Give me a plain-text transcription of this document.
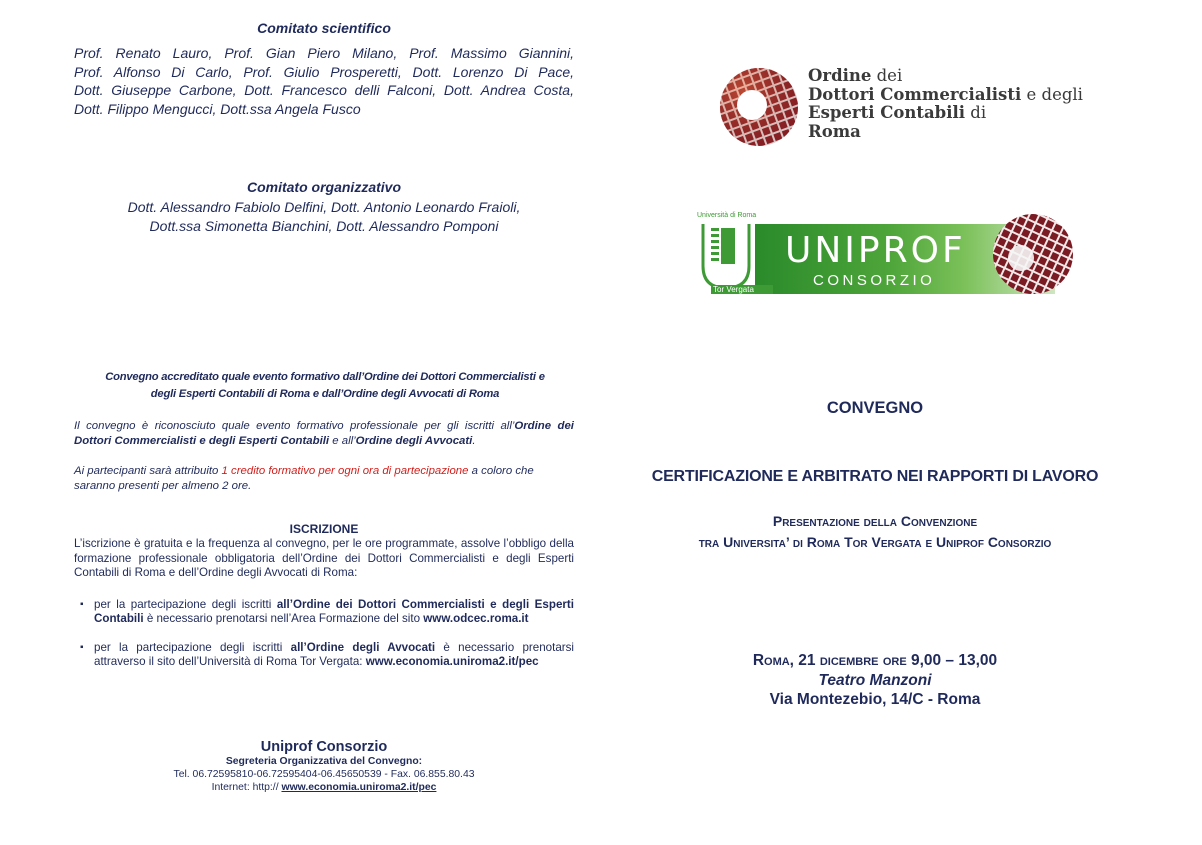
Comitato scientifico
Prof. Renato Lauro, Prof. Gian Piero Milano, Prof. Massimo Giannini,
Prof. Alfonso Di Carlo, Prof. Giulio Prosperetti, Dott. Lorenzo Di Pace,
Dott. Giuseppe Carbone, Dott. Francesco delli Falconi, Dott. Andrea Costa,
Dott. Filippo Mengucci, Dott.ssa Angela Fusco
Comitato organizzativo
Dott. Alessandro Fabiolo Delfini, Dott. Antonio Leonardo Fraioli,
Dott.ssa Simonetta Bianchini, Dott. Alessandro Pomponi
Convegno accreditato quale evento formativo dall’Ordine dei Dottori Commercialisti e
degli Esperti Contabili di Roma e dall’Ordine degli Avvocati di Roma
Il convegno è riconosciuto quale evento formativo professionale per gli iscritti all’Ordine dei Dottori Commercialisti e degli Esperti Contabili e all’Ordine degli Avvocati.
Ai partecipanti sarà attribuito 1 credito formativo per ogni ora di partecipazione a coloro che saranno presenti per almeno 2 ore.
ISCRIZIONE
L’iscrizione è gratuita e la frequenza al convegno, per le ore programmate, assolve l’obbligo della formazione professionale obbligatoria dell’Ordine dei Dottori Commercialisti e degli Esperti Contabili di Roma e dell’Ordine degli Avvocati di Roma:
▪ per la partecipazione degli iscritti all’Ordine dei Dottori Commercialisti e degli Esperti Contabili è necessario prenotarsi nell’Area Formazione del sito www.odcec.roma.it
▪ per la partecipazione degli iscritti all’Ordine degli Avvocati è necessario prenotarsi attraverso il sito dell’Università di Roma Tor Vergata: www.economia.uniroma2.it/pec
Uniprof Consorzio
Segreteria Organizzativa del Convegno:
Tel. 06.72595810-06.72595404-06.45650539 - Fax. 06.855.80.43
Internet: http:// www.economia.uniroma2.it/pec
Ordine dei
Dottori Commercialisti e degli
Esperti Contabili di
Roma
Università di Roma
Tor Vergata
UNIPROF
CONSORZIO
CONVEGNO
CERTIFICAZIONE E ARBITRATO NEI RAPPORTI DI LAVORO
Presentazione della Convenzione
tra Universita’ di Roma Tor Vergata e Uniprof Consorzio
Roma, 21 dicembre ore 9,00 – 13,00
Teatro Manzoni
Via Montezebio, 14/C - Roma
